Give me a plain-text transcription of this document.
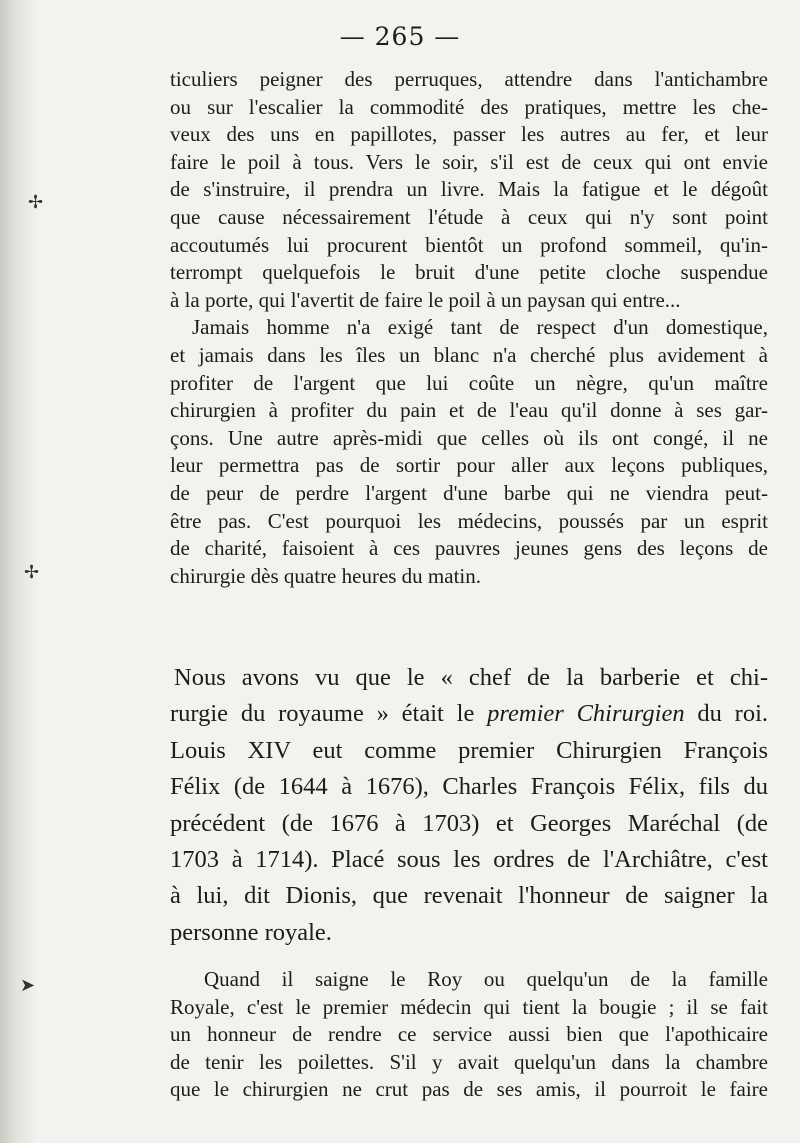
✢
✢
➤
— 265 —

ticuliers peigner des perruques, attendre dans l'antichambre
ou sur l'escalier la commodité des pratiques, mettre les che-
veux des uns en papillotes, passer les autres au fer, et leur
faire le poil à tous. Vers le soir, s'il est de ceux qui ont envie
de s'instruire, il prendra un livre. Mais la fatigue et le dégoût
que cause nécessairement l'étude à ceux qui n'y sont point
accoutumés lui procurent bientôt un profond sommeil, qu'in-
terrompt quelquefois le bruit d'une petite cloche suspendue
à la porte, qui l'avertit de faire le poil à un paysan qui entre...

Jamais homme n'a exigé tant de respect d'un domestique,
et jamais dans les îles un blanc n'a cherché plus avidement à
profiter de l'argent que lui coûte un nègre, qu'un maître
chirurgien à profiter du pain et de l'eau qu'il donne à ses gar-
çons. Une autre après-midi que celles où ils ont congé, il ne
leur permettra pas de sortir pour aller aux leçons publiques,
de peur de perdre l'argent d'une barbe qui ne viendra peut-
être pas. C'est pourquoi les médecins, poussés par un esprit
de charité, faisoient à ces pauvres jeunes gens des leçons de
chirurgie dès quatre heures du matin.

Nous avons vu que le « chef de la barberie et chi-
rurgie du royaume » était le premier Chirurgien du roi.
Louis XIV eut comme premier Chirurgien François
Félix (de 1644 à 1676), Charles François Félix, fils du
précédent (de 1676 à 1703) et Georges Maréchal (de
1703 à 1714). Placé sous les ordres de l'Archiâtre, c'est
à lui, dit Dionis, que revenait l'honneur de saigner la
personne royale.
Quand il saigne le Roy ou quelqu'un de la famille
Royale, c'est le premier médecin qui tient la bougie ; il se fait
un honneur de rendre ce service aussi bien que l'apothicaire
de tenir les poilettes. S'il y avait quelqu'un dans la chambre
que le chirurgien ne crut pas de ses amis, il pourroit le faire
